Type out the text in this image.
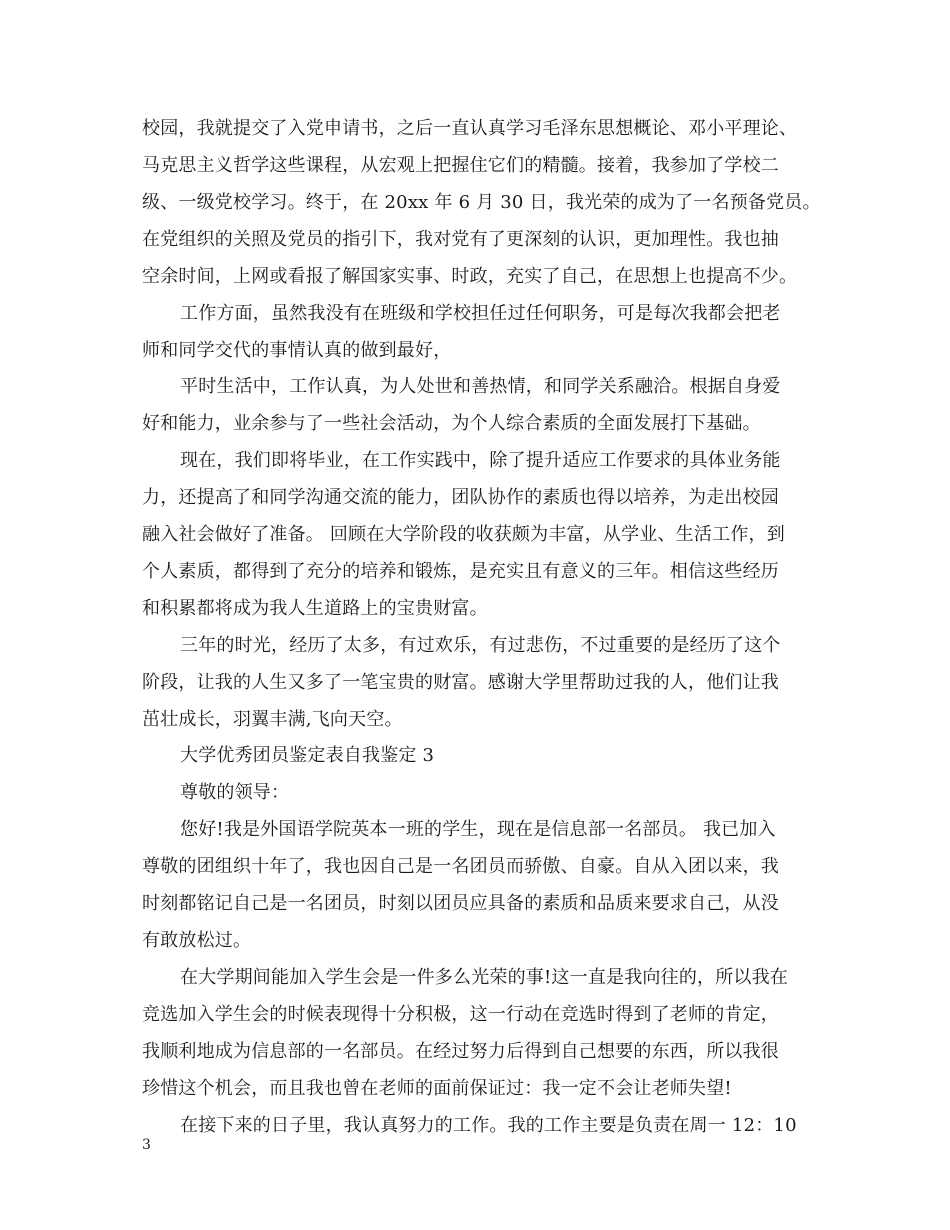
校园，我就提交了入党申请书，之后一直认真学习毛泽东思想概论、邓小平理论、
马克思主义哲学这些课程，从宏观上把握住它们的精髓。接着，我参加了学校二
级、一级党校学习。终于，在 20xx 年 6 月 30 日，我光荣的成为了一名预备党员。
在党组织的关照及党员的指引下，我对党有了更深刻的认识，更加理性。我也抽
空余时间，上网或看报了解国家实事、时政，充实了自己，在思想上也提高不少。
工作方面，虽然我没有在班级和学校担任过任何职务，可是每次我都会把老
师和同学交代的事情认真的做到最好，
平时生活中，工作认真，为人处世和善热情，和同学关系融洽。根据自身爱
好和能力，业余参与了一些社会活动，为个人综合素质的全面发展打下基础。
现在，我们即将毕业，在工作实践中，除了提升适应工作要求的具体业务能
力，还提高了和同学沟通交流的能力，团队协作的素质也得以培养，为走出校园
融入社会做好了准备。 回顾在大学阶段的收获颇为丰富，从学业、生活工作，到
个人素质，都得到了充分的培养和锻炼，是充实且有意义的三年。相信这些经历
和积累都将成为我人生道路上的宝贵财富。
三年的时光，经历了太多，有过欢乐，有过悲伤，不过重要的是经历了这个
阶段，让我的人生又多了一笔宝贵的财富。感谢大学里帮助过我的人，他们让我
茁壮成长，羽翼丰满,飞向天空。
大学优秀团员鉴定表自我鉴定 3
尊敬的领导：
您好!我是外国语学院英本一班的学生，现在是信息部一名部员。 我已加入
尊敬的团组织十年了，我也因自己是一名团员而骄傲、自豪。自从入团以来，我
时刻都铭记自己是一名团员，时刻以团员应具备的素质和品质来要求自己，从没
有敢放松过。
在大学期间能加入学生会是一件多么光荣的事!这一直是我向往的，所以我在
竞选加入学生会的时候表现得十分积极，这一行动在竞选时得到了老师的肯定，
我顺利地成为信息部的一名部员。在经过努力后得到自己想要的东西，所以我很
珍惜这个机会，而且我也曾在老师的面前保证过：我一定不会让老师失望!
在接下来的日子里，我认真努力的工作。我的工作主要是负责在周一 12：10
3
